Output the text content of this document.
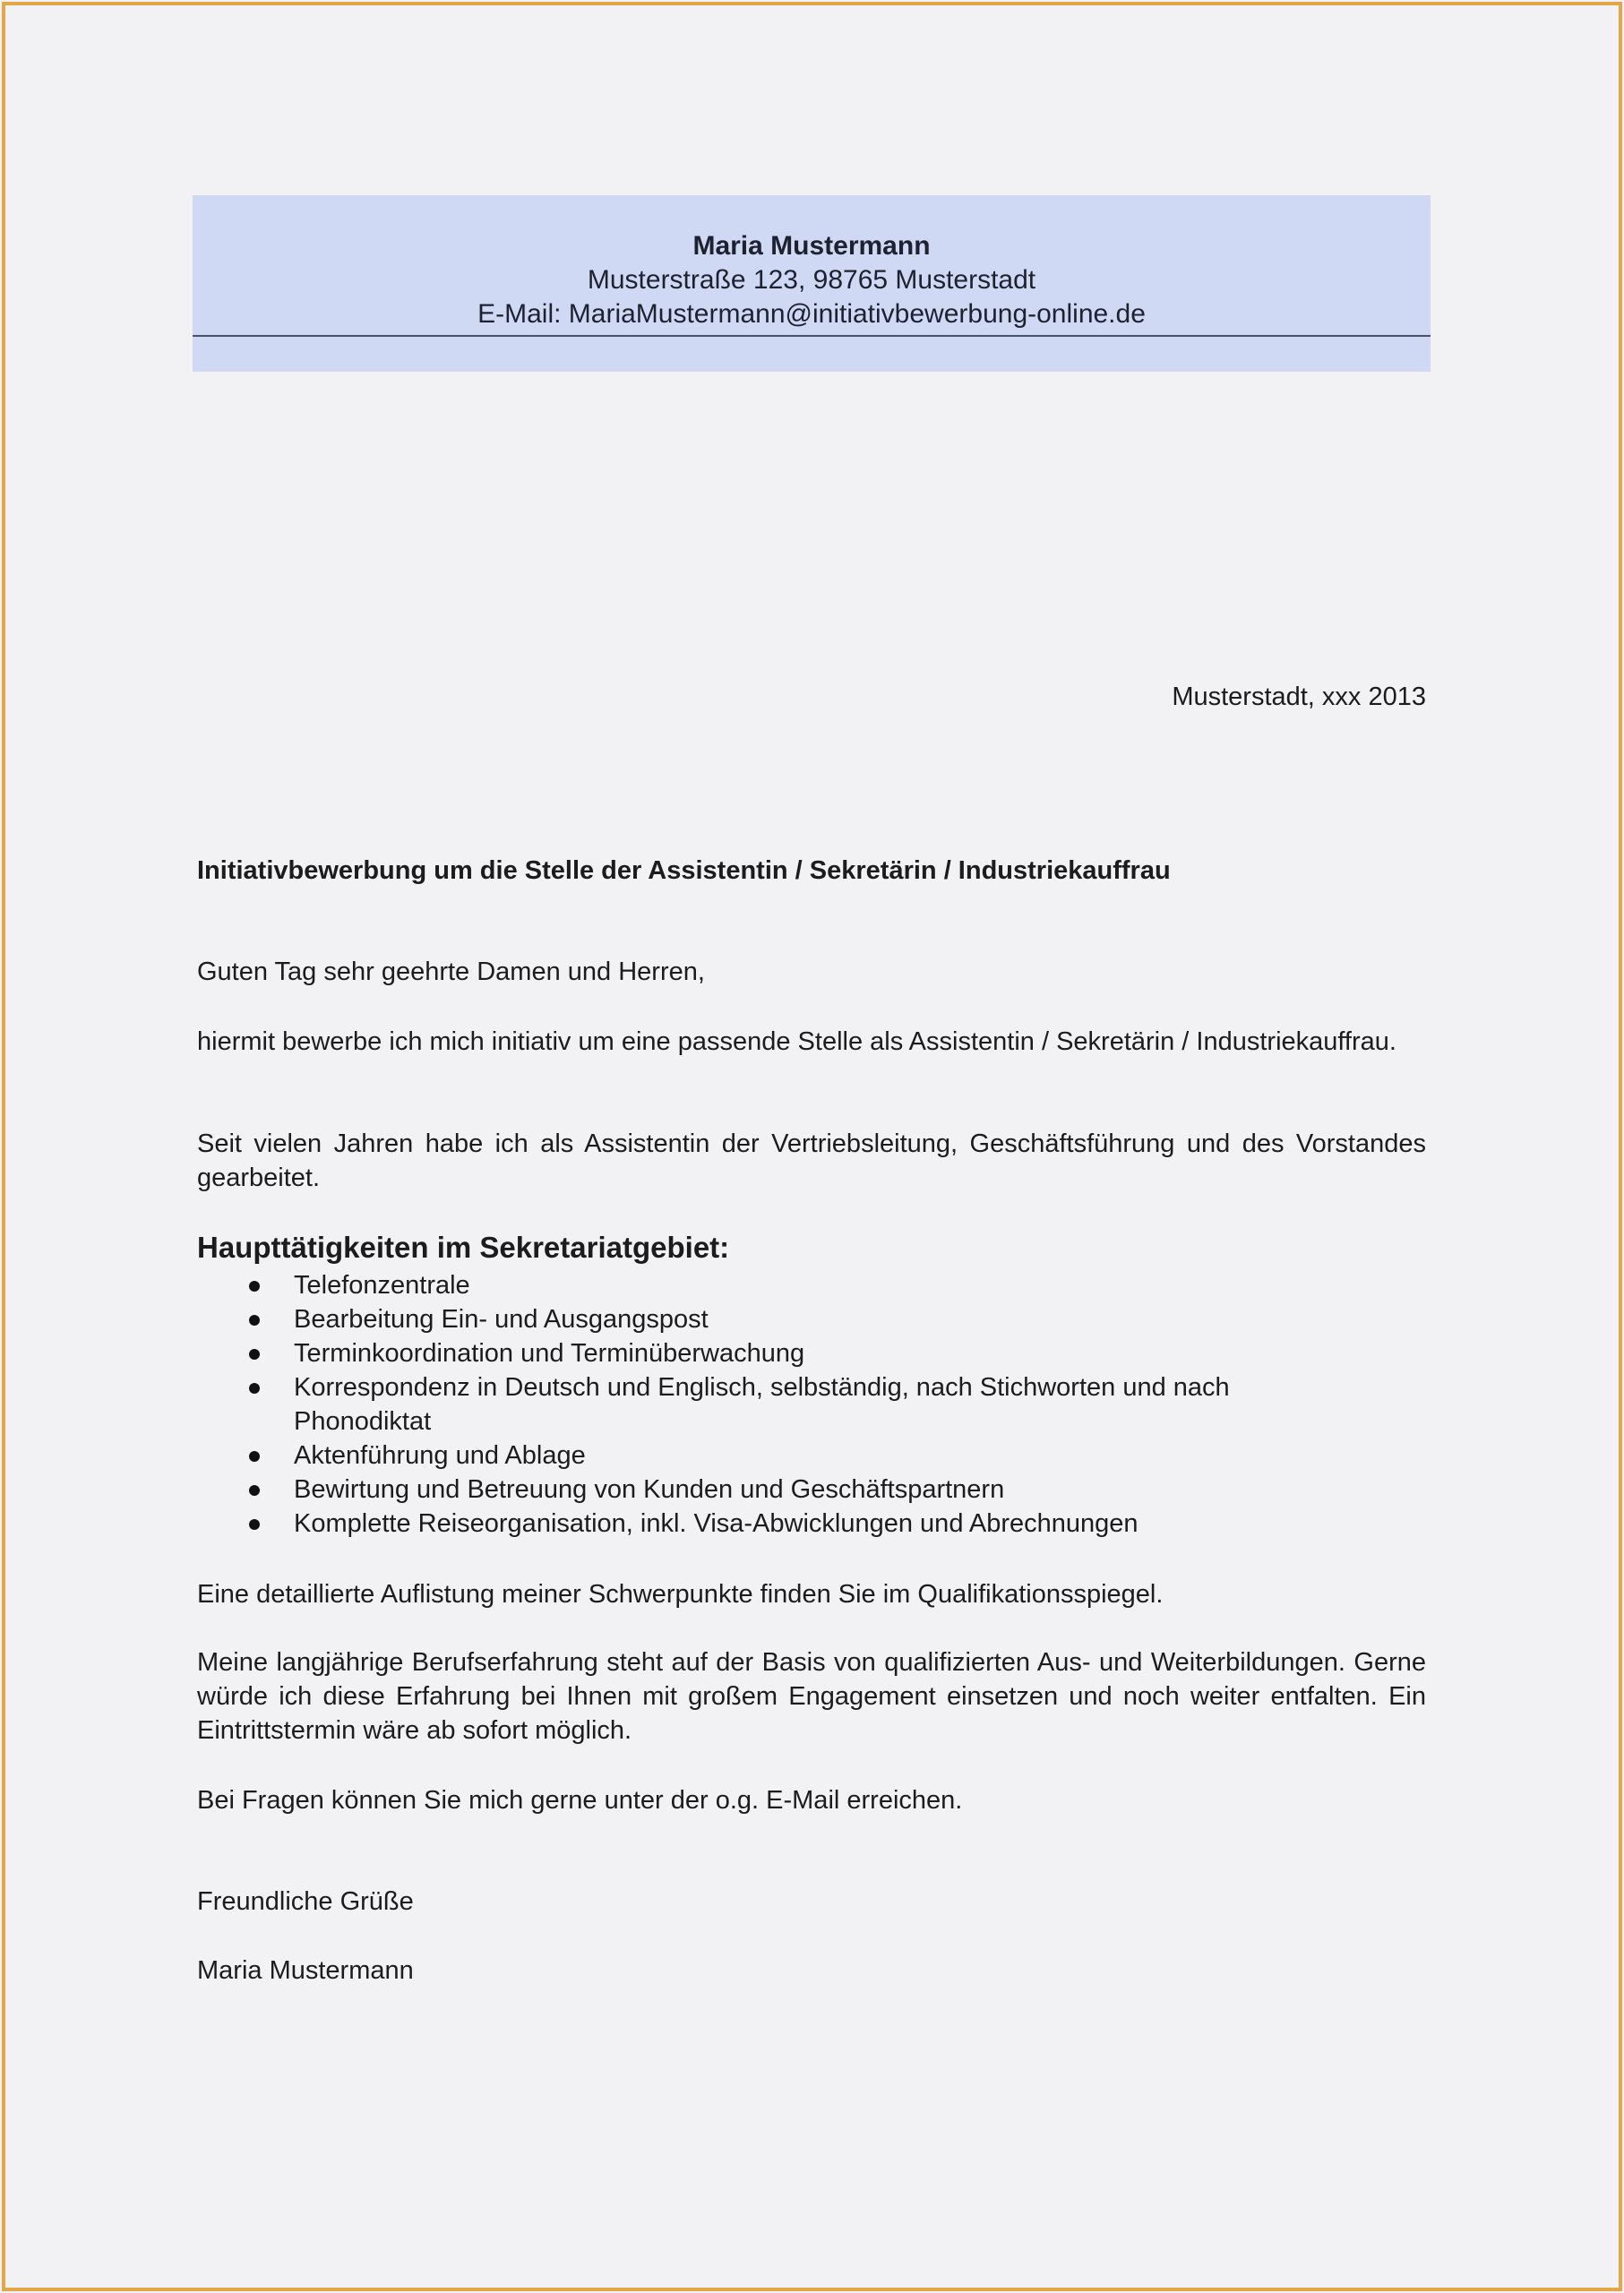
Maria Mustermann
Musterstraße 123, 98765 Musterstadt
E-Mail: MariaMustermann@initiativbewerbung-online.de
Musterstadt, xxx 2013
Initiativbewerbung um die Stelle der Assistentin / Sekretärin / Industriekauffrau
Guten Tag sehr geehrte Damen und Herren,
hiermit bewerbe ich mich initiativ um eine passende Stelle als Assistentin / Sekretärin / Industriekauffrau.
Seit vielen Jahren habe ich als Assistentin der Vertriebsleitung, Geschäftsführung und des Vorstandes gearbeitet.
Haupttätigkeiten im Sekretariatgebiet:
Telefonzentrale
Bearbeitung Ein- und Ausgangspost
Terminkoordination und Terminüberwachung
Korrespondenz in Deutsch und Englisch, selbständig, nach Stichworten und nach Phonodiktat
Aktenführung und Ablage
Bewirtung und Betreuung von Kunden und Geschäftspartnern
Komplette Reiseorganisation, inkl. Visa-Abwicklungen und Abrechnungen
Eine detaillierte Auflistung meiner Schwerpunkte finden Sie im Qualifikationsspiegel.
Meine langjährige Berufserfahrung steht auf der Basis von qualifizierten Aus- und Weiterbildungen. Gerne würde ich diese Erfahrung bei Ihnen mit großem Engagement einsetzen und noch weiter entfalten. Ein Eintrittstermin wäre ab sofort möglich.
Bei Fragen können Sie mich gerne unter der o.g. E-Mail erreichen.
Freundliche Grüße
Maria Mustermann
